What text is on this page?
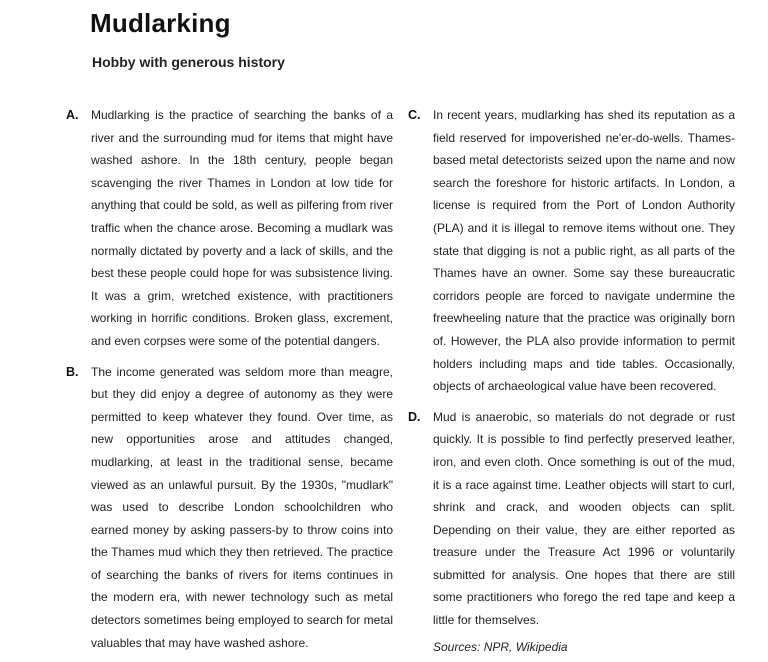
Mudlarking
Hobby with generous history
A.	Mudlarking is the practice of searching the banks of a river and the surrounding mud for items that might have washed ashore. In the 18th century, people began scavenging the river Thames in London at low tide for anything that could be sold, as well as pilfering from river traffic when the chance arose. Becoming a mudlark was normally dictated by poverty and a lack of skills, and the best these people could hope for was subsistence living. It was a grim, wretched existence, with practitioners working in horrific conditions. Broken glass, excrement, and even corpses were some of the potential dangers.

B.	The income generated was seldom more than meagre, but they did enjoy a degree of autonomy as they were permitted to keep whatever they found. Over time, as new opportunities arose and attitudes changed, mudlarking, at least in the traditional sense, became viewed as an unlawful pursuit. By the 1930s, "mudlark" was used to describe London schoolchildren who earned money by asking passers-by to throw coins into the Thames mud which they then retrieved. The practice of searching the banks of rivers for items continues in the modern era, with newer technology such as metal detectors sometimes being employed to search for metal valuables that may have washed ashore.

C.	In recent years, mudlarking has shed its reputation as a field reserved for impoverished ne'er-do-wells. Thames-based metal detectorists seized upon the name and now search the foreshore for historic artifacts. In London, a license is required from the Port of London Authority (PLA) and it is illegal to remove items without one. They state that digging is not a public right, as all parts of the Thames have an owner. Some say these bureaucratic corridors people are forced to navigate undermine the freewheeling nature that the practice was originally born of. However, the PLA also provide information to permit holders including maps and tide tables. Occasionally, objects of archaeological value have been recovered.

D.	Mud is anaerobic, so materials do not degrade or rust quickly. It is possible to find perfectly preserved leather, iron, and even cloth. Once something is out of the mud, it is a race against time. Leather objects will start to curl, shrink and crack, and wooden objects can split. Depending on their value, they are either reported as treasure under the Treasure Act 1996 or voluntarily submitted for analysis. One hopes that there are still some practitioners who forego the red tape and keep a little for themselves.

Sources: NPR, Wikipedia
